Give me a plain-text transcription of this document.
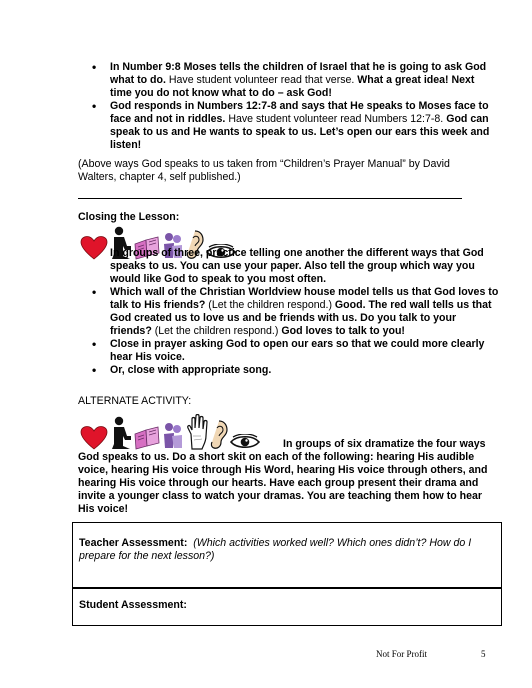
• In Number 9:8 Moses tells the children of Israel that he is going to ask God what to do. Have student volunteer read that verse. What a great idea! Next time you do not know what to do – ask God!
• God responds in Numbers 12:7-8 and says that He speaks to Moses face to face and not in riddles. Have student volunteer read Numbers 12:7-8. God can speak to us and He wants to speak to us. Let’s open our ears this week and listen!
(Above ways God speaks to us taken from “Children’s Prayer Manual” by David Walters, chapter 4, self published.)
Closing the Lesson:
In groups of three, practice telling one another the different ways that God speaks to us. You can use your paper. Also tell the group which way you would like God to speak to you most often.
• Which wall of the Christian Worldview house model tells us that God loves to talk to His friends? (Let the children respond.) Good. The red wall tells us that God created us to love us and be friends with us. Do you talk to your friends? (Let the children respond.) God loves to talk to you!
• Close in prayer asking God to open our ears so that we could more clearly hear His voice.
• Or, close with appropriate song.
ALTERNATE ACTIVITY:
In groups of six dramatize the four ways God speaks to us. Do a short skit on each of the following: hearing His audible voice, hearing His voice through His Word, hearing His voice through others, and hearing His voice through our hearts. Have each group present their drama and invite a younger class to watch your dramas. You are teaching them how to hear His voice!
Teacher Assessment: (Which activities worked well? Which ones didn’t? How do I prepare for the next lesson?)
Student Assessment:
Not For Profit	5
